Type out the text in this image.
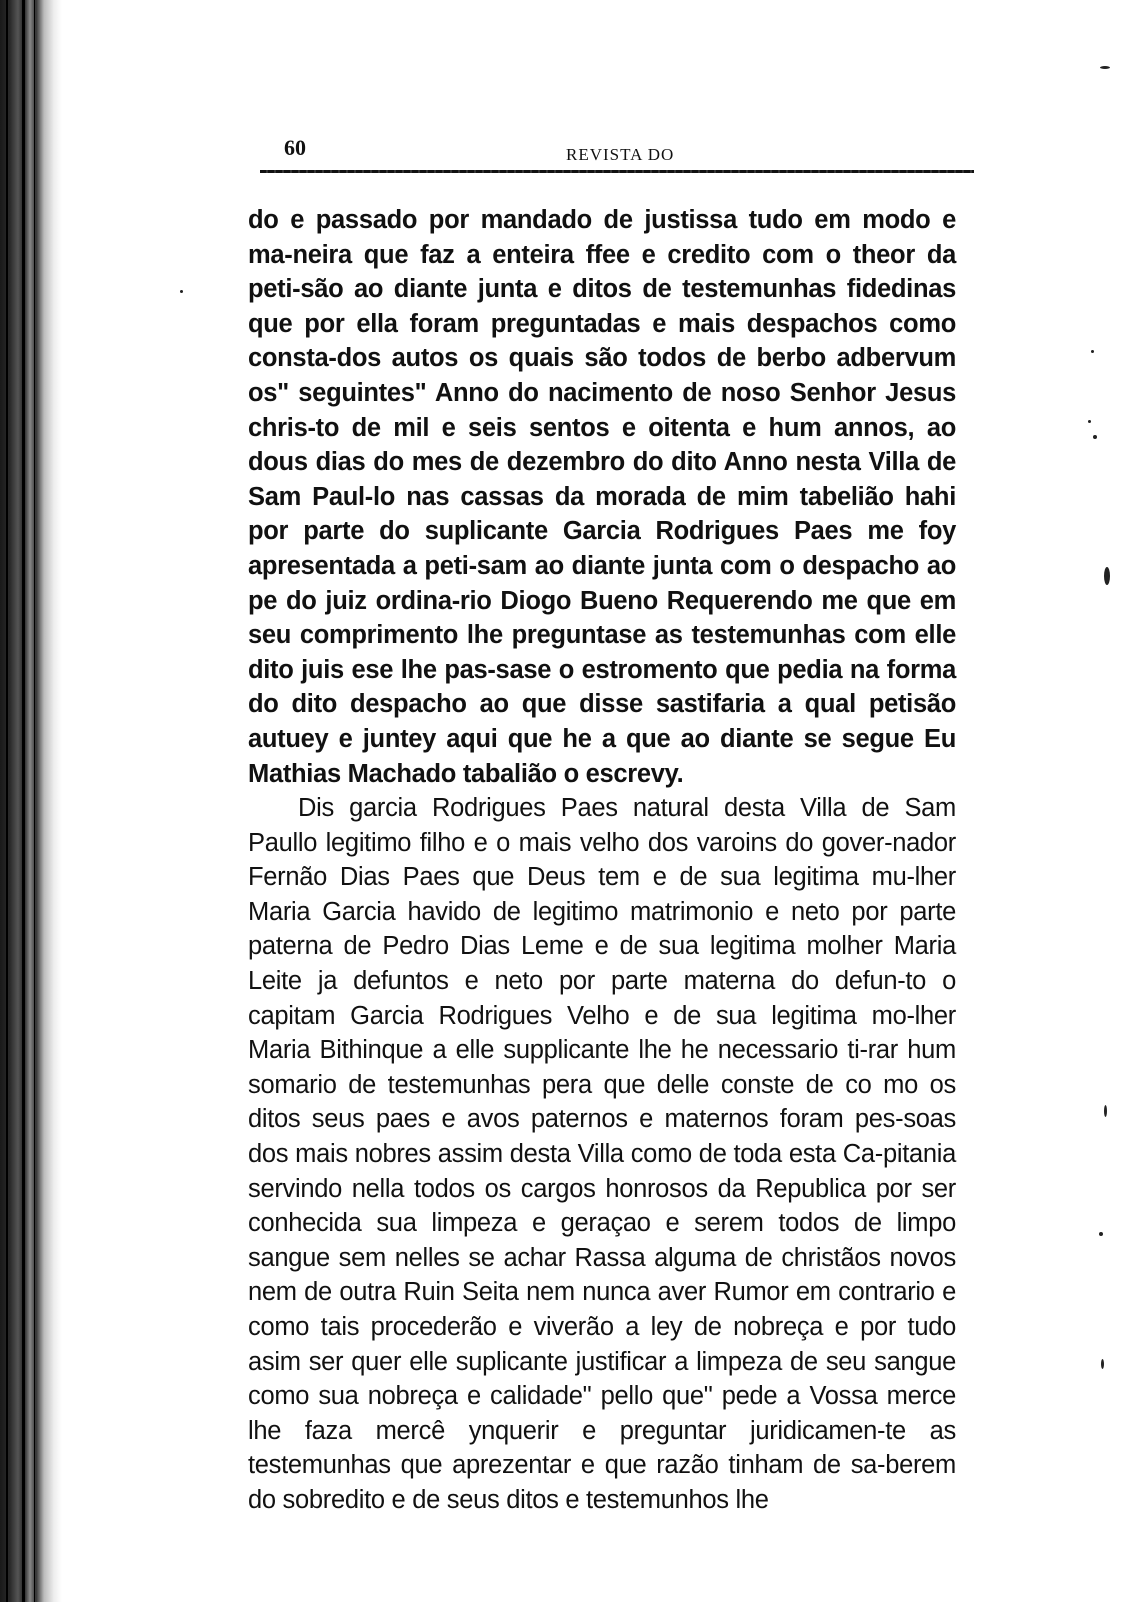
60	REVISTA DO

do e passado por mandado de justissa tudo em modo e ma-neira que faz a enteira ffee e credito com o theor da peti-são ao diante junta e ditos de testemunhas fidedinas que por ella foram preguntadas e mais despachos como consta-dos autos os quais são todos de berbo adbervum os" seguintes" Anno do nacimento de noso Senhor Jesus chris-to de mil e seis sentos e oitenta e hum annos, ao dous dias do mes de dezembro do dito Anno nesta Villa de Sam Paul-lo nas cassas da morada de mim tabelião hahi por parte do suplicante Garcia Rodrigues Paes me foy apresentada a peti-sam ao diante junta com o despacho ao pe do juiz ordina-rio Diogo Bueno Requerendo me que em seu comprimento lhe preguntase as testemunhas com elle dito juis ese lhe pas-sase o estromento que pedia na forma do dito despacho ao que disse sastifaria a qual petisão autuey e juntey aqui que he a que ao diante se segue Eu Mathias Machado tabalião o escrevy.

Dis garcia Rodrigues Paes natural desta Villa de Sam Paullo legitimo filho e o mais velho dos varoins do gover-nador Fernão Dias Paes que Deus tem e de sua legitima mu-lher Maria Garcia havido de legitimo matrimonio e neto por parte paterna de Pedro Dias Leme e de sua legitima molher Maria Leite ja defuntos e neto por parte materna do defun-to o capitam Garcia Rodrigues Velho e de sua legitima mo-lher Maria Bithinque a elle supplicante lhe he necessario ti-rar hum somario de testemunhas pera que delle conste de co mo os ditos seus paes e avos paternos e maternos foram pes-soas dos mais nobres assim desta Villa como de toda esta Ca-pitania servindo nella todos os cargos honrosos da Republica por ser conhecida sua limpeza e geraçao e serem todos de limpo sangue sem nelles se achar Rassa alguma de christãos novos nem de outra Ruin Seita nem nunca aver Rumor em contrario e como tais procederão e viverão a ley de nobreça e por tudo asim ser quer elle suplicante justificar a limpeza de seu sangue como sua nobreça e calidade" pello que" pede a Vossa merce lhe faza mercê ynquerir e preguntar juridicamen-te as testemunhas que aprezentar e que razão tinham de sa-berem do sobredito e de seus ditos e testemunhos lhe
